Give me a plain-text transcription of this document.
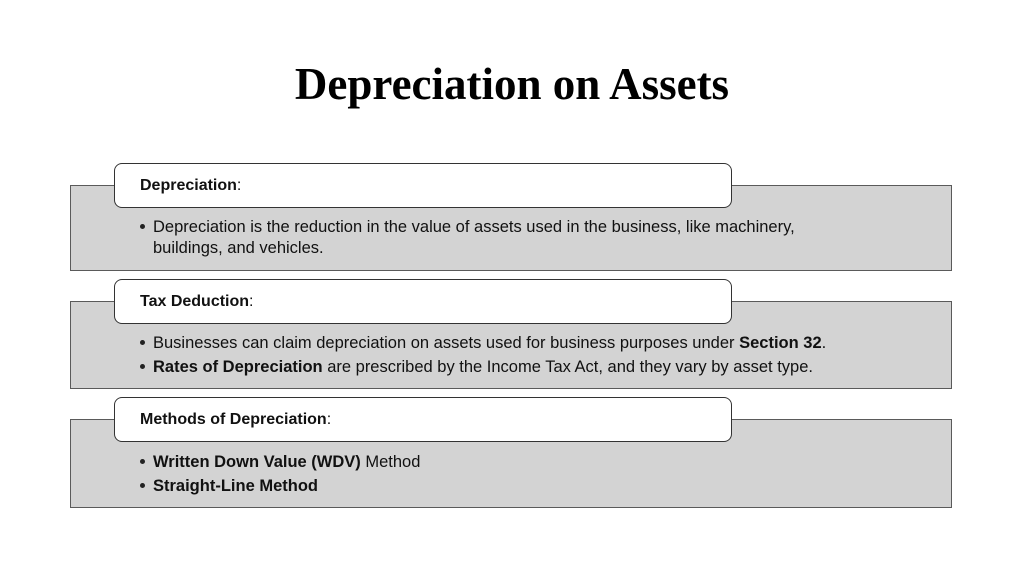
Depreciation on Assets
Depreciation :
Depreciation is the reduction in the value of assets used in the business, like machinery, buildings, and vehicles.
Tax Deduction :
Businesses can claim depreciation on assets used for business purposes under Section 32.
Rates of Depreciation are prescribed by the Income Tax Act, and they vary by asset type.
Methods of Depreciation :
Written Down Value (WDV) Method
Straight-Line Method
